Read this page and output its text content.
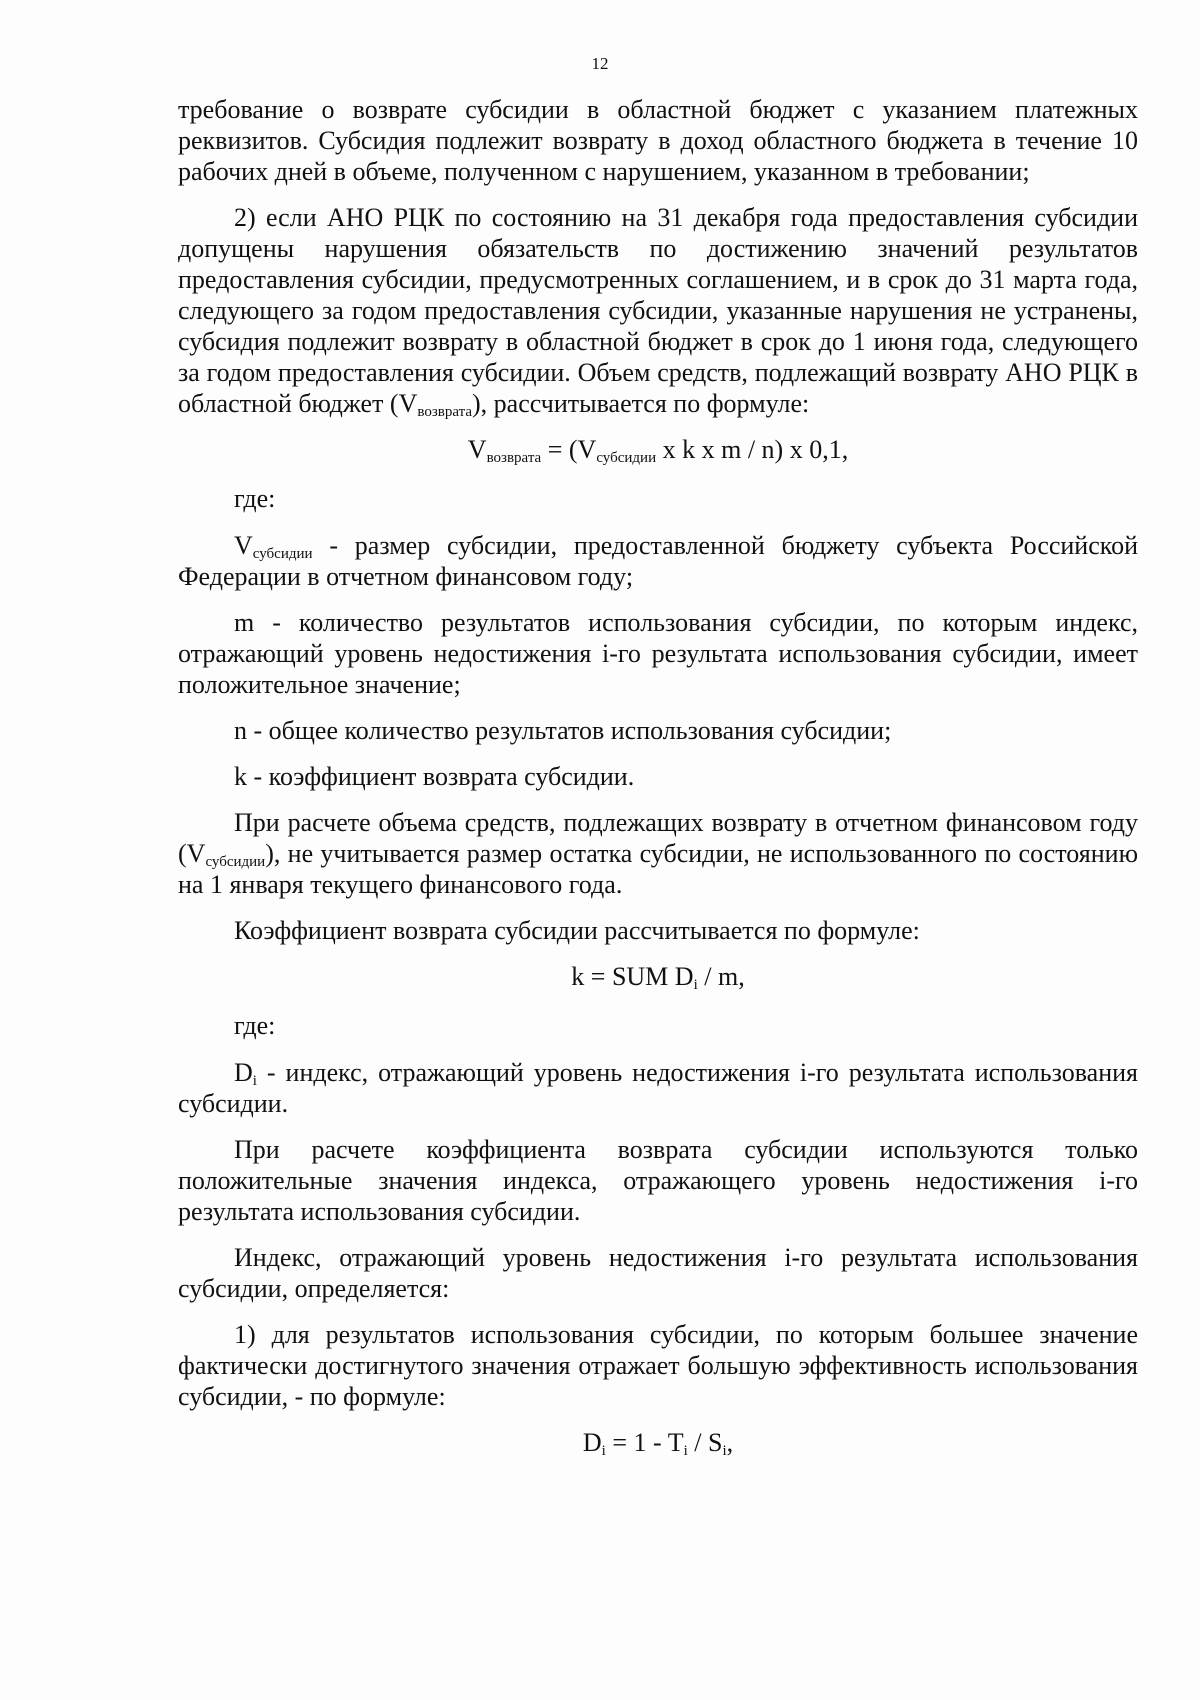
12

требование о возврате субсидии в областной бюджет с указанием платежных реквизитов. Субсидия подлежит возврату в доход областного бюджета в течение 10 рабочих дней в объеме, полученном с нарушением, указанном в требовании;

2) если АНО РЦК по состоянию на 31 декабря года предоставления субсидии допущены нарушения обязательств по достижению значений результатов предоставления субсидии, предусмотренных соглашением, и в срок до 31 марта года, следующего за годом предоставления субсидии, указанные нарушения не устранены, субсидия подлежит возврату в областной бюджет в срок до 1 июня года, следующего за годом предоставления субсидии. Объем средств, подлежащий возврату АНО РЦК в областной бюджет $(V_{возврата})$, рассчитывается по формуле:

$V_{возврата} = (V_{субсидии}$ x k x m / n) x 0,1,

где:

$V_{субсидии}$ - размер субсидии, предоставленной бюджету субъекта Российской Федерации в отчетном финансовом году;

m - количество результатов использования субсидии, по которым индекс, отражающий уровень недостижения i-го результата использования субсидии, имеет положительное значение;

n - общее количество результатов использования субсидии;

k - коэффициент возврата субсидии.

При расчете объема средств, подлежащих возврату в отчетном финансовом году $(V_{субсидии})$, не учитывается размер остатка субсидии, не использованного по состоянию на 1 января текущего финансового года.

Коэффициент возврата субсидии рассчитывается по формуле:

k = SUM $D_i$ / m,

где:

$D_i$ - индекс, отражающий уровень недостижения i-го результата использования субсидии.

При расчете коэффициента возврата субсидии используются только положительные значения индекса, отражающего уровень недостижения i-го результата использования субсидии.

Индекс, отражающий уровень недостижения i-го результата использования субсидии, определяется:

1) для результатов использования субсидии, по которым большее значение фактически достигнутого значения отражает большую эффективность использования субсидии, - по формуле:

$D_i = 1 - T_i / S_i$,
